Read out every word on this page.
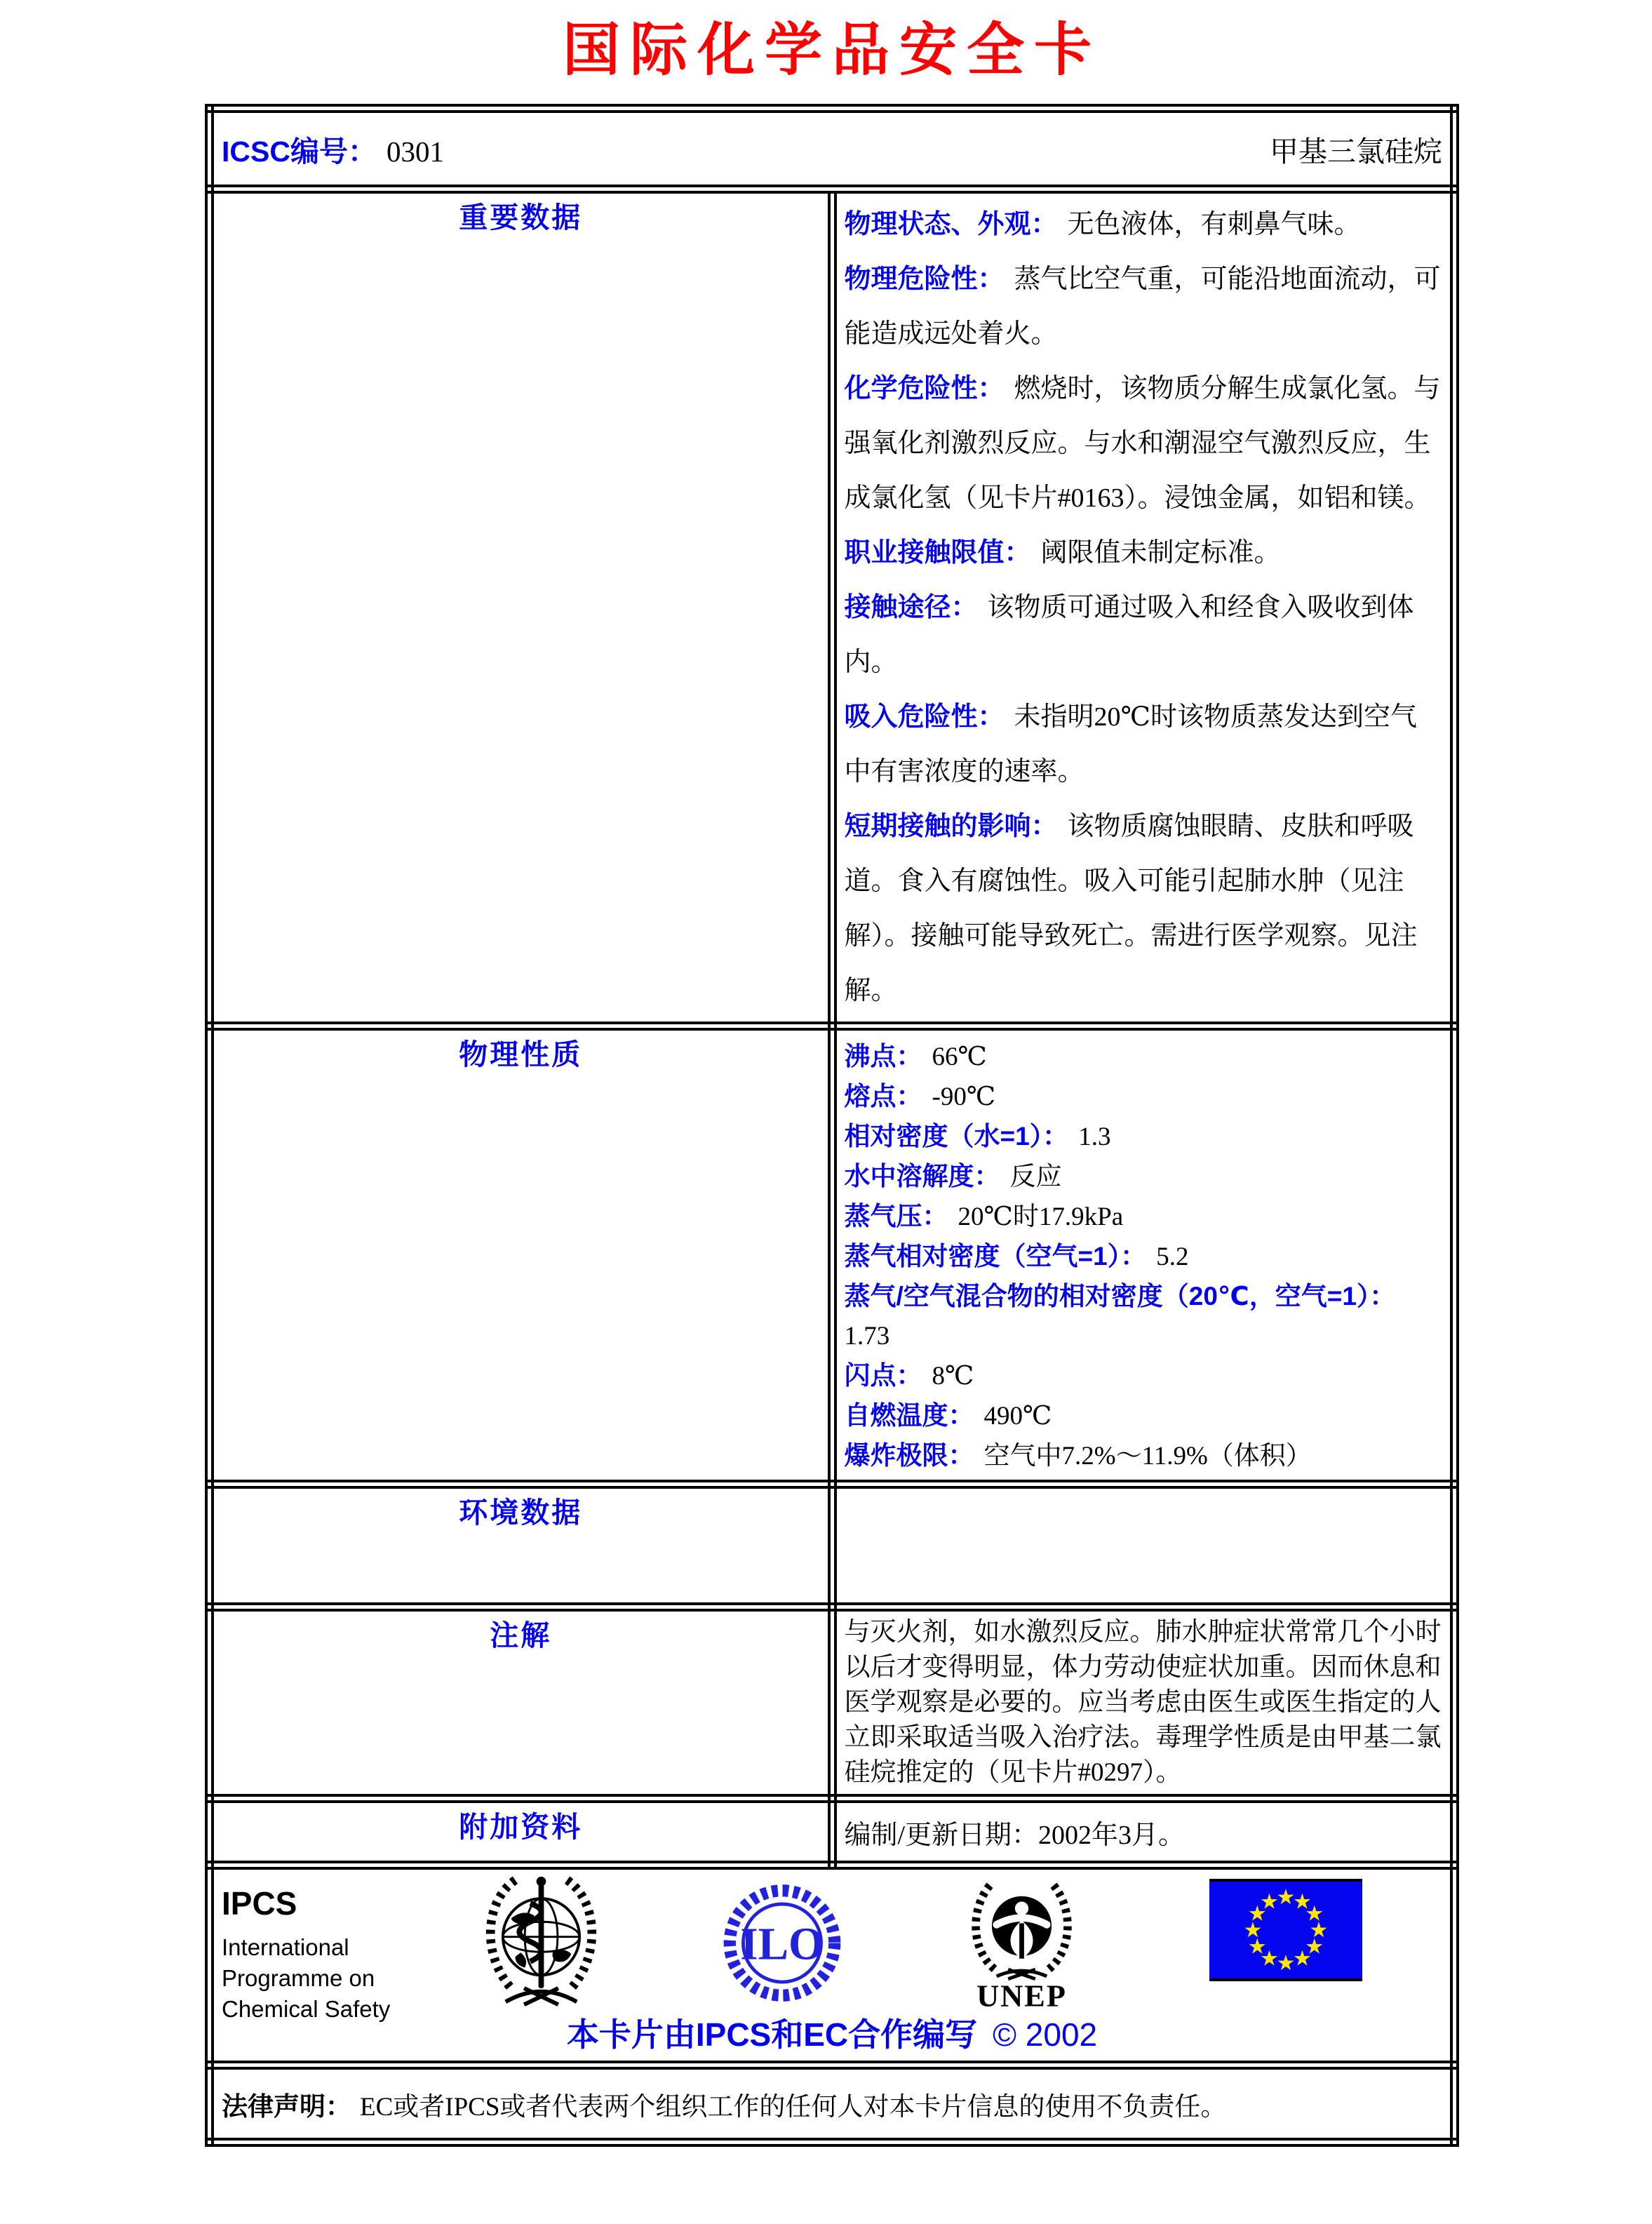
国际化学品安全卡
ICSC编号： 0301 甲基三氯硅烷	

重要数据	物理状态、外观： 无色液体，有刺鼻气味。

物理危险性： 蒸气比空气重，可能沿地面流动，可能造成远处着火。

化学危险性： 燃烧时，该物质分解生成氯化氢。与强氧化剂激烈反应。与水和潮湿空气激烈反应，生成氯化氢（见卡片#0163）。浸蚀金属，如铝和镁。

职业接触限值： 阈限值未制定标准。

接触途径： 该物质可通过吸入和经食入吸收到体内。

吸入危险性： 未指明20℃时该物质蒸发达到空气中有害浓度的速率。

短期接触的影响： 该物质腐蚀眼睛、皮肤和呼吸道。食入有腐蚀性。吸入可能引起肺水肿（见注解）。接触可能导致死亡。需进行医学观察。见注解。

物理性质	沸点： 66℃

熔点： -90℃

相对密度（水=1）： 1.3

水中溶解度： 反应

蒸气压： 20℃时17.9kPa

蒸气相对密度（空气=1）： 5.2

蒸气/空气混合物的相对密度（20℃，空气=1）：1.73

闪点： 8℃

自燃温度： 490℃

爆炸极限： 空气中7.2%～11.9%（体积）

环境数据	

注解	与灭火剂，如水激烈反应。肺水肿症状常常几个小时以后才变得明显，体力劳动使症状加重。因而休息和医学观察是必要的。应当考虑由医生或医生指定的人立即采取适当吸入治疗法。毒理学性质是由甲基二氯硅烷推定的（见卡片#0297）。

附加资料	编制/更新日期：2002年3月。

IPCS
International
Programme on
Chemical Safety
ILO
UNEP
★
★
★
★
★
★
★
★
★
★
★
★
本卡片由IPCS和EC合作编写 © 2002

法律声明： EC或者IPCS或者代表两个组织工作的任何人对本卡片信息的使用不负责任。	
